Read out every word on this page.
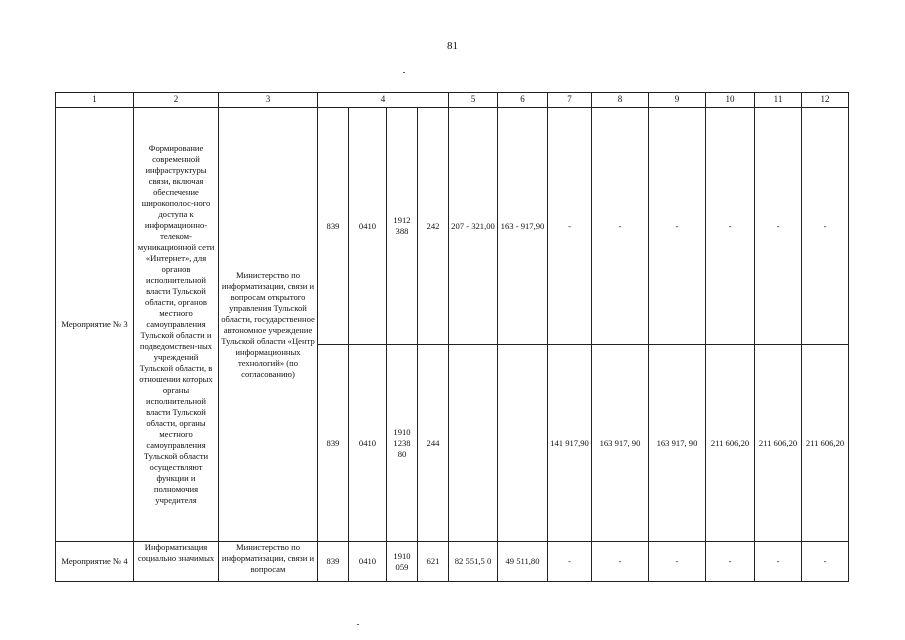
81
1	2	3	4				5	6	7	8	9	10	11	12
Мероприятие № 3	Формирование современной инфраструктуры связи, включая обеспечение широкополос-ного доступа к информационно-телеком-муникационной сети «Интернет», для органов исполнительной власти Тульской области, органов местного самоуправления Тульской области и подведомствен-ных учреждений Тульской области, в отношении которых органы исполнительной власти Тульской области, органы местного самоуправления Тульской области осуществляют функции и полномочия учредителя	Министерство по информатизации, связи и вопросам открытого управления Тульской области, государственное автономное учреждение Тульской области «Центр информационных технологий» (по согласованию)	839	0410	1912 388	242	207 - 321,00	163 - 917,90	-	-	-	-	-	-
			839	0410	1910 1238 80	244			141 917,90	163 917, 90	163 917, 90	211 606,20	211 606,20	211 606,20
Мероприятие № 4	Информатизация социально значимых	Министерство по информатизации, связи и вопросам	839	0410	1910 059	621	82 551,5 0	49 511,80	-	-	-	-	-	-
